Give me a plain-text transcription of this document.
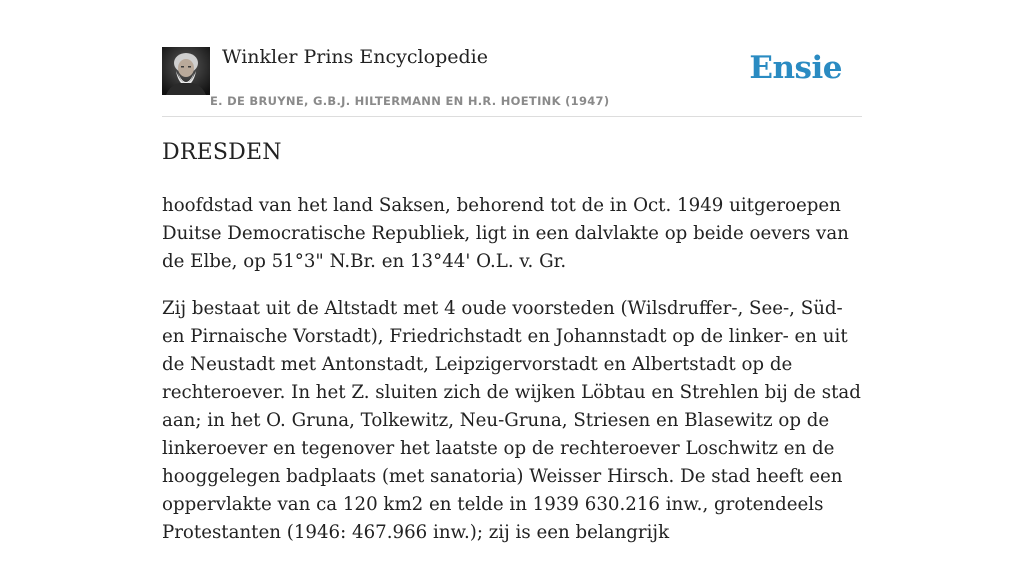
Winkler Prins Encyclopedie
E. DE BRUYNE, G.B.J. HILTERMANN EN H.R. HOETINK (1947)
Ensie
DRESDEN

hoofdstad van het land Saksen, behorend tot de in Oct. 1949 uitgeroepen Duitse Democratische Republiek, ligt in een dalvlakte op beide oevers van de Elbe, op 51°3" N.Br. en 13°44' O.L. v. Gr.

Zij bestaat uit de Altstadt met 4 oude voorsteden (Wilsdruffer-, See-, Süd- en Pirnaische Vorstadt), Friedrichstadt en Johannstadt op de linker- en uit de Neustadt met Antonstadt, Leipzigervorstadt en Albertstadt op de rechteroever. In het Z. sluiten zich de wijken Löbtau en Strehlen bij de stad aan; in het O. Gruna, Tolkewitz, Neu-Gruna, Striesen en Blasewitz op de linkeroever en tegenover het laatste op de rechteroever Loschwitz en de hooggelegen badplaats (met sanatoria) Weisser Hirsch. De stad heeft een oppervlakte van ca 120 km2 en telde in 1939 630.216 inw., grotendeels Protestanten (1946: 467.966 inw.); zij is een belangrijk
